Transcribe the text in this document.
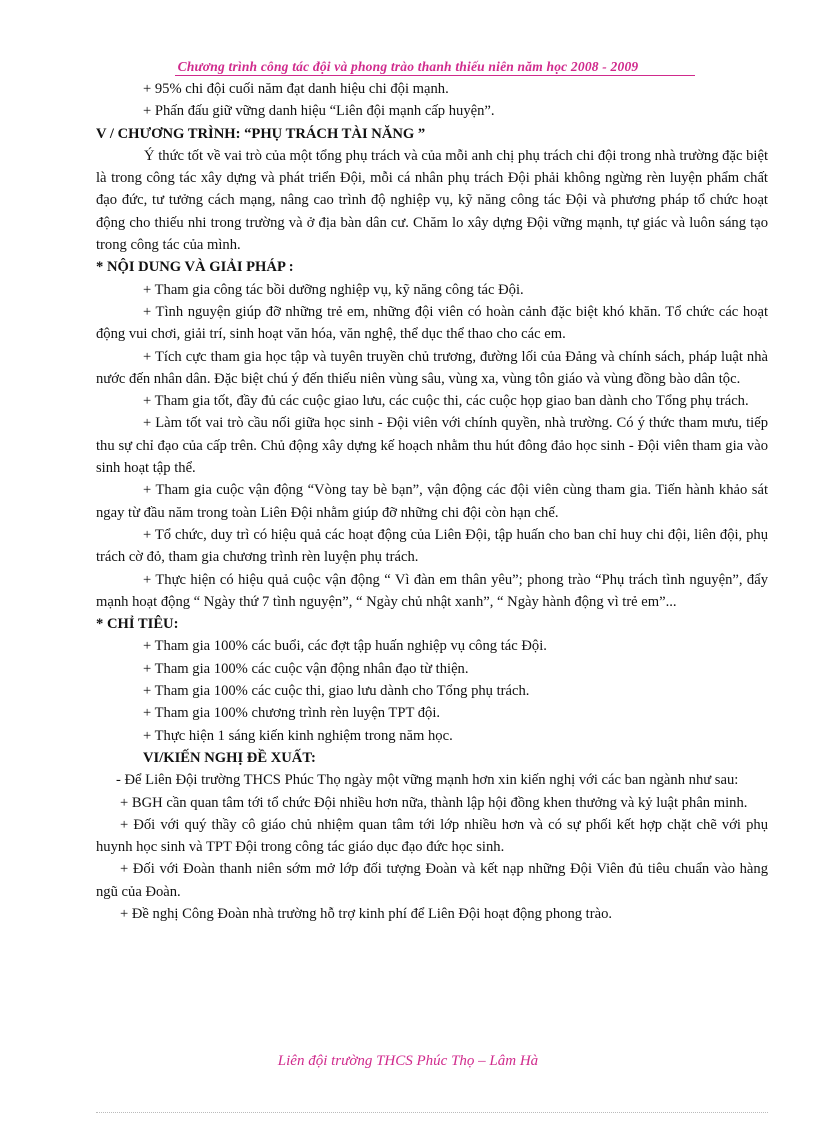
Chương trình công tác đội và phong trào thanh thiếu niên năm học 2008 - 2009

+ 95% chi đội cuối năm đạt danh hiệu chi đội mạnh.

+ Phấn đấu giữ vững danh hiệu “Liên đội mạnh cấp huyện”.

V / CHƯƠNG TRÌNH: “PHỤ TRÁCH TÀI NĂNG ”

Ý thức tốt về vai trò của một tổng phụ trách và của mỗi anh chị phụ trách chi đội trong nhà trường đặc biệt là trong công tác xây dựng và phát triển Đội, mỗi cá nhân phụ trách Đội phải không ngừng rèn luyện phẩm chất đạo đức, tư tưởng cách mạng, nâng cao trình độ nghiệp vụ, kỹ năng công tác Đội và phương pháp tổ chức hoạt động cho thiếu nhi trong trường và ở địa bàn dân cư. Chăm lo xây dựng Đội vững mạnh, tự giác và luôn sáng tạo trong công tác của mình.

* NỘI DUNG VÀ GIẢI PHÁP :

+ Tham gia công tác bồi dưỡng nghiệp vụ, kỹ năng công tác Đội.

+ Tình nguyện giúp đỡ những trẻ em, những đội viên có hoàn cảnh đặc biệt khó khăn. Tổ chức các hoạt động vui chơi, giải trí, sinh hoạt văn hóa, văn nghệ, thể dục thể thao cho các em.

+ Tích cực tham gia học tập và tuyên truyền chủ trương, đường lối của Đảng và chính sách, pháp luật nhà nước đến nhân dân. Đặc biệt chú ý đến thiếu niên vùng sâu, vùng xa, vùng tôn giáo và vùng đồng bào dân tộc.

+ Tham gia tốt, đầy đủ các cuộc giao lưu, các cuộc thi, các cuộc họp giao ban dành cho Tổng phụ trách.

+ Làm tốt vai trò cầu nối giữa học sinh - Đội viên với chính quyền, nhà trường. Có ý thức tham mưu, tiếp thu sự chỉ đạo của cấp trên. Chủ động xây dựng kế hoạch nhằm thu hút đông đảo học sinh - Đội viên tham gia vào sinh hoạt tập thể.

+ Tham gia cuộc vận động “Vòng tay bè bạn”, vận động các đội viên cùng tham gia. Tiến hành khảo sát ngay từ đầu năm trong toàn Liên Đội nhằm giúp đỡ những chi đội còn hạn chế.

+ Tổ chức, duy trì có hiệu quả các hoạt động của Liên Đội, tập huấn cho ban chỉ huy chi đội, liên đội, phụ trách cờ đỏ, tham gia chương trình rèn luyện phụ trách.

+ Thực hiện có hiệu quả cuộc vận động “ Vì đàn em thân yêu”; phong trào “Phụ trách tình nguyện”, đẩy mạnh hoạt động “ Ngày thứ 7 tình nguyện”, “ Ngày chủ nhật xanh”, “ Ngày hành động vì trẻ em”...

* CHỈ TIÊU:

+ Tham gia 100% các buổi, các đợt tập huấn nghiệp vụ công tác Đội.

+ Tham gia 100% các cuộc vận động nhân đạo từ thiện.

+ Tham gia 100% các cuộc thi, giao lưu dành cho Tổng phụ trách.

+ Tham gia 100% chương trình rèn luyện TPT đội.

+ Thực hiện 1 sáng kiến kinh nghiệm trong năm học.

VI/KIẾN NGHỊ ĐỀ XUẤT:

- Để Liên Đội trường THCS Phúc Thọ ngày một vững mạnh hơn xin kiến nghị với các ban ngành như sau:

+ BGH cần quan tâm tới tổ chức Đội nhiều hơn nữa, thành lập hội đồng khen thưởng và kỷ luật phân minh.

+ Đối với quý thầy cô giáo chủ nhiệm quan tâm tới lớp nhiều hơn và có sự phối kết hợp chặt chẽ với phụ huynh học sinh và TPT Đội trong công tác giáo dục đạo đức học sinh.

+ Đối với Đoàn thanh niên sớm mở lớp đối tượng Đoàn và kết nạp những Đội Viên đủ tiêu chuẩn vào hàng ngũ của Đoàn.

+ Đề nghị Công Đoàn nhà trường hỗ trợ kinh phí để Liên Đội hoạt động phong trào.

Liên đội trường THCS Phúc Thọ – Lâm Hà
